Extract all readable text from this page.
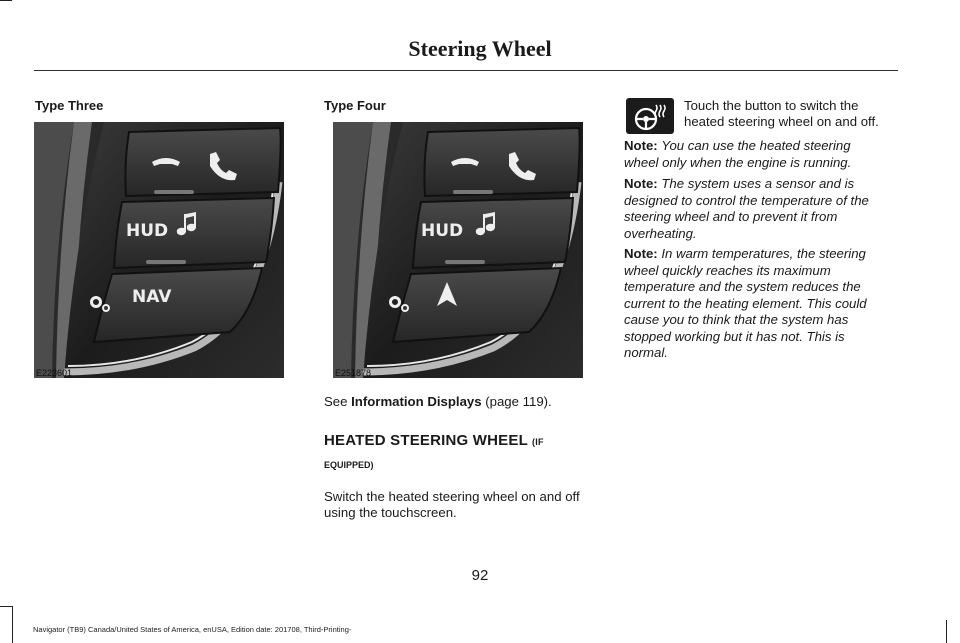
Steering Wheel
Type Three
HUD
NAV
E223601
Type Four
HUD
E251878
See Information Displays (page 119).
HEATED STEERING WHEEL (IF
EQUIPPED)
Switch the heated steering wheel on and off
using the touchscreen.
Touch the button to switch the
heated steering wheel on and off.
Note: You can use the heated steering
wheel only when the engine is running.
Note: The system uses a sensor and is
designed to control the temperature of the
steering wheel and to prevent it from
overheating.
Note: In warm temperatures, the steering
wheel quickly reaches its maximum
temperature and the system reduces the
current to the heating element. This could
cause you to think that the system has
stopped working but it has not. This is
normal.
92
Navigator (TB9) Canada/United States of America, enUSA, Edition date: 201708, Third-Printing-
